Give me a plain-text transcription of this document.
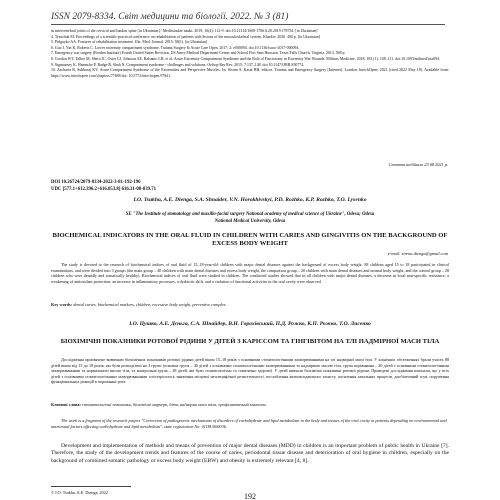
ISSN 2079-8334. Світ медицини та біології. 2022. № 3 (81)

in intervertebral joints of the cervical and lumbar spine [in Ukrainian] / Meditsinskie nauki. 2019; 10(4): 112-9. doi:10.21314/1608-1706.6.20.2019.178754. [in Ukrainian]

4. Tymchuk M. Proceedings of a scientific-practical conference on rehabilitation of patients with lesions of the musculoskeletal system. Kharkiv, 2020. 400 p. [in Ukrainian]

5. Pidgayko AA. Features of rehabilitation treatment. Ukr. Med. Journal. 2015; 58(1). [in Ukrainian]

6. Guo J, Yin K, Roberts C. Lower extremity compartment syndrome. Trauma Surgery & Acute Care Open. 2017; 2: e000094. doi:10.1136/tsaco-2017-000094.

7. Emergency war surgery (Borden Institute) Fourth United States Revision. US Army Medical Department Center and School Fort Sam Houston. Texas Falls Church, Virginia. 2013. 568 p.

8. Gordon WT, Talbot M, Shero JC, Osier CJ, Johnson AE, Balsamo LH, et al. Acute Extremity Compartment Syndrome and the Role of Fasciotomy in Extremity War Wounds. Military Medicine. 2018; 183 (1): 108–111. doi:10.1093/milmed/usx094.

9. Sigmunsey K, Hamnche P, Badge R, Shah N. Compartment syndrome - challenges and solutions. Orthop Res Rev. 2015; 7:137–148. doi:10.2147/ORR.S50774.

10. Zacharia B, Subbaraj KV. Acute Compartment Syndrome of the Extremities and Perspective Muscles. In: Sivam S, Kasat BH, editors. Trauma and Emergency Surgery [Internet]. London: IntechOpen; 2021 [cited 2022 May 18]. Available from: https://www.intechopen.com/chapters/77688 doi: 10.5772/intechopen.97841.

Стаття надійшла 23.08.2021 р.
DOI 10.26724/2079-8334-2022-3-81-192-196
UDC [577.1+612.396.2+616.053.8] 616.31-08-039.71
I.O. Tsukha, A.E. Dienga, S.A. Shnaider, V.N. Horokhivskyi, P.D. Rozhko, K.P. Rozhko, T.O. Lysenko
SE "The Institute of stomatology and maxillo-facial surgery National academy of medical science of Ukraine", Odesa; Odesa National Medical University, Odesa
BIOCHEMICAL INDICATORS IN THE ORAL FLUID IN CHILDREN WITH CARIES AND GINGIVITIS ON THE BACKGROUND OF EXCESS BODY WEIGHT
e-mail: sirena.dienga@gmail.com

The study is devoted to the research of biochemical indices of oral fluid of 15–18-year-old children with major dental diseases against the background of excess body weight. 88 children aged 15 to 18 participated in clinical examinations, and were divided into 3 groups (the main group – 40 children with main dental diseases and excess body weight, the comparison group – 20 children with main dental diseases and normal body weight, and the control group – 28 children who were dentally and somatically healthy). Biochemical indices of oral fluid were studied in children. The conducted studies showed that in all children with major dental diseases, a decrease in local non-specific resistance, a weakening of antioxidant protection, an increase in inflammatory processes, a dysbiotic shift, and a violation of functional activities in the oral cavity were observed.

Key words: dental caries, biochemical markers, children, excessive body weight, preventive complex.
І.О. Цушко, А.Е. Дєньга, С.А. Шнайдер, В.Н. Горохівський, П.Д. Рожко, К.П. Рожко, Т.О. Лисенко
БІОХІМІЧНІ ПОКАЗНИКИ РОТОВОЇ РІДИНИ У ДІТЕЙ З КАРІЄСОМ ТА ГІНГІВІТОМ НА ТЛІ НАДМІРНОЇ МАСИ ТІЛА

Дослідження присвячене вивченню біохімічних показників ротової рідини дітей віком 15–18 років з основними стоматологічними захворюваннями на тлі надмірної маси тіла. У клінічних обстеженнях брали участь 88 дітей віком від 15 до 18 років, які були розподілені на 3 групи (основна група – 40 дітей з основними стоматологічними захворюваннями та надмірною масою тіла, група порівняння – 20 дітей з основними стоматологічними захворюваннями та нормальною масою тіла, та контрольна група – 28 дітей, які були стоматологічно та соматично здорові). У дітей вивчали біохімічні показники ротової рідини. Проведені дослідження показали, що у всіх дітей з основними стоматологічними захворюваннями спостерігалось зниження місцевої неспецифічної резистентності, послаблення антиоксидантного захисту, посилення запальних процесів, дисбіотичний зсув, порушення функціональних реакцій в порожнині рота.

Ключові слова: стоматологічні показники, біохімічні маркери, діти, надмірна маса тіла, профілактичний комплекс.

The work is a fragment of the research project "Correction of pathogenetic mechanisms of disorders of carbohydrate and lipid metabolism in the body and tissues of the oral cavity in patients depending on environmental and nutritional factors affecting carbohydrate and lipid metabolism", state registration No. 0118U000036.

Development and implementation of methods and means of prevention of major dental diseases (MDD) in children is an important problem of public health in Ukraine [7]. Therefore, the study of the development trends and features of the course of caries, periodontal tissue disease and deterioration of oral hygiene in children, especially on the background of combined somatic pathology or excess body weight (EBW) and obesity is extremely relevant [4, 8].

© I.O. Tsukha, A.E. Dienga, 2022	192
